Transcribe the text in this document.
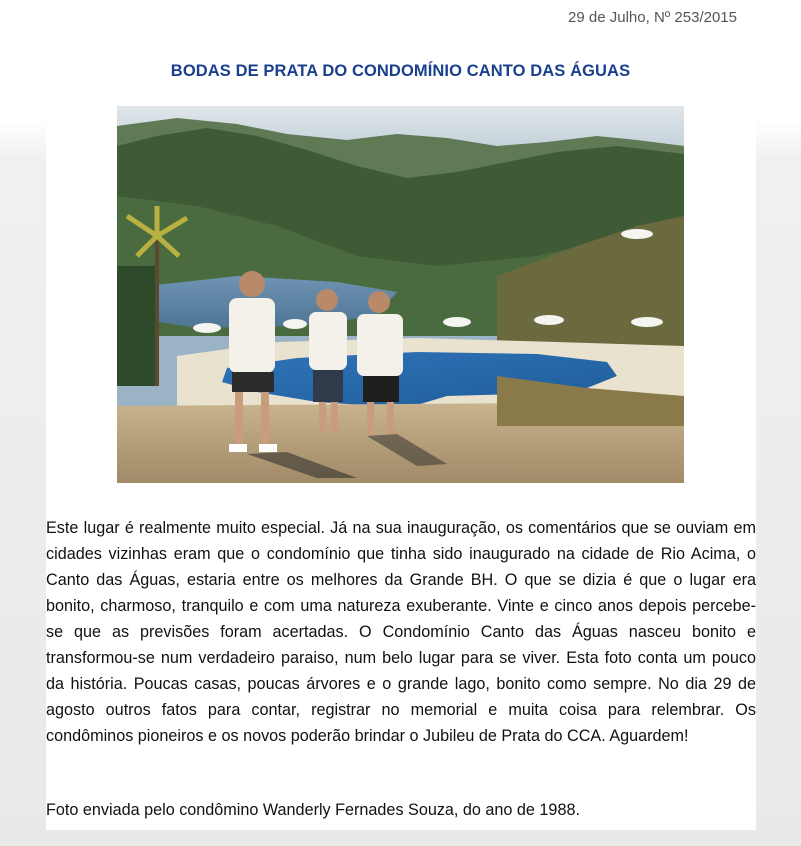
29 de Julho, Nº 253/2015
BODAS DE PRATA DO CONDOMÍNIO CANTO DAS ÁGUAS
Este lugar é realmente muito especial. Já na sua inauguração, os comentários que se ouviam em cidades vizinhas eram que o condomínio que tinha sido inaugurado na cidade de Rio Acima, o Canto das Águas, estaria entre os melhores da Grande BH. O que se dizia é que o lugar era bonito, charmoso, tranquilo e com uma natureza exuberante. Vinte e cinco anos depois percebe-se que as previsões foram acertadas. O Condomínio Canto das Águas nasceu bonito e transformou-se num verdadeiro paraiso, num belo lugar para se viver. Esta foto conta um pouco da história. Poucas casas, poucas árvores e o grande lago, bonito como sempre. No dia 29 de agosto outros fatos para contar, registrar no memorial e muita coisa para relembrar. Os condôminos pioneiros e os novos poderão brindar o Jubileu de Prata do CCA. Aguardem!
Foto enviada pelo condômino Wanderly Fernades Souza, do ano de 1988.
